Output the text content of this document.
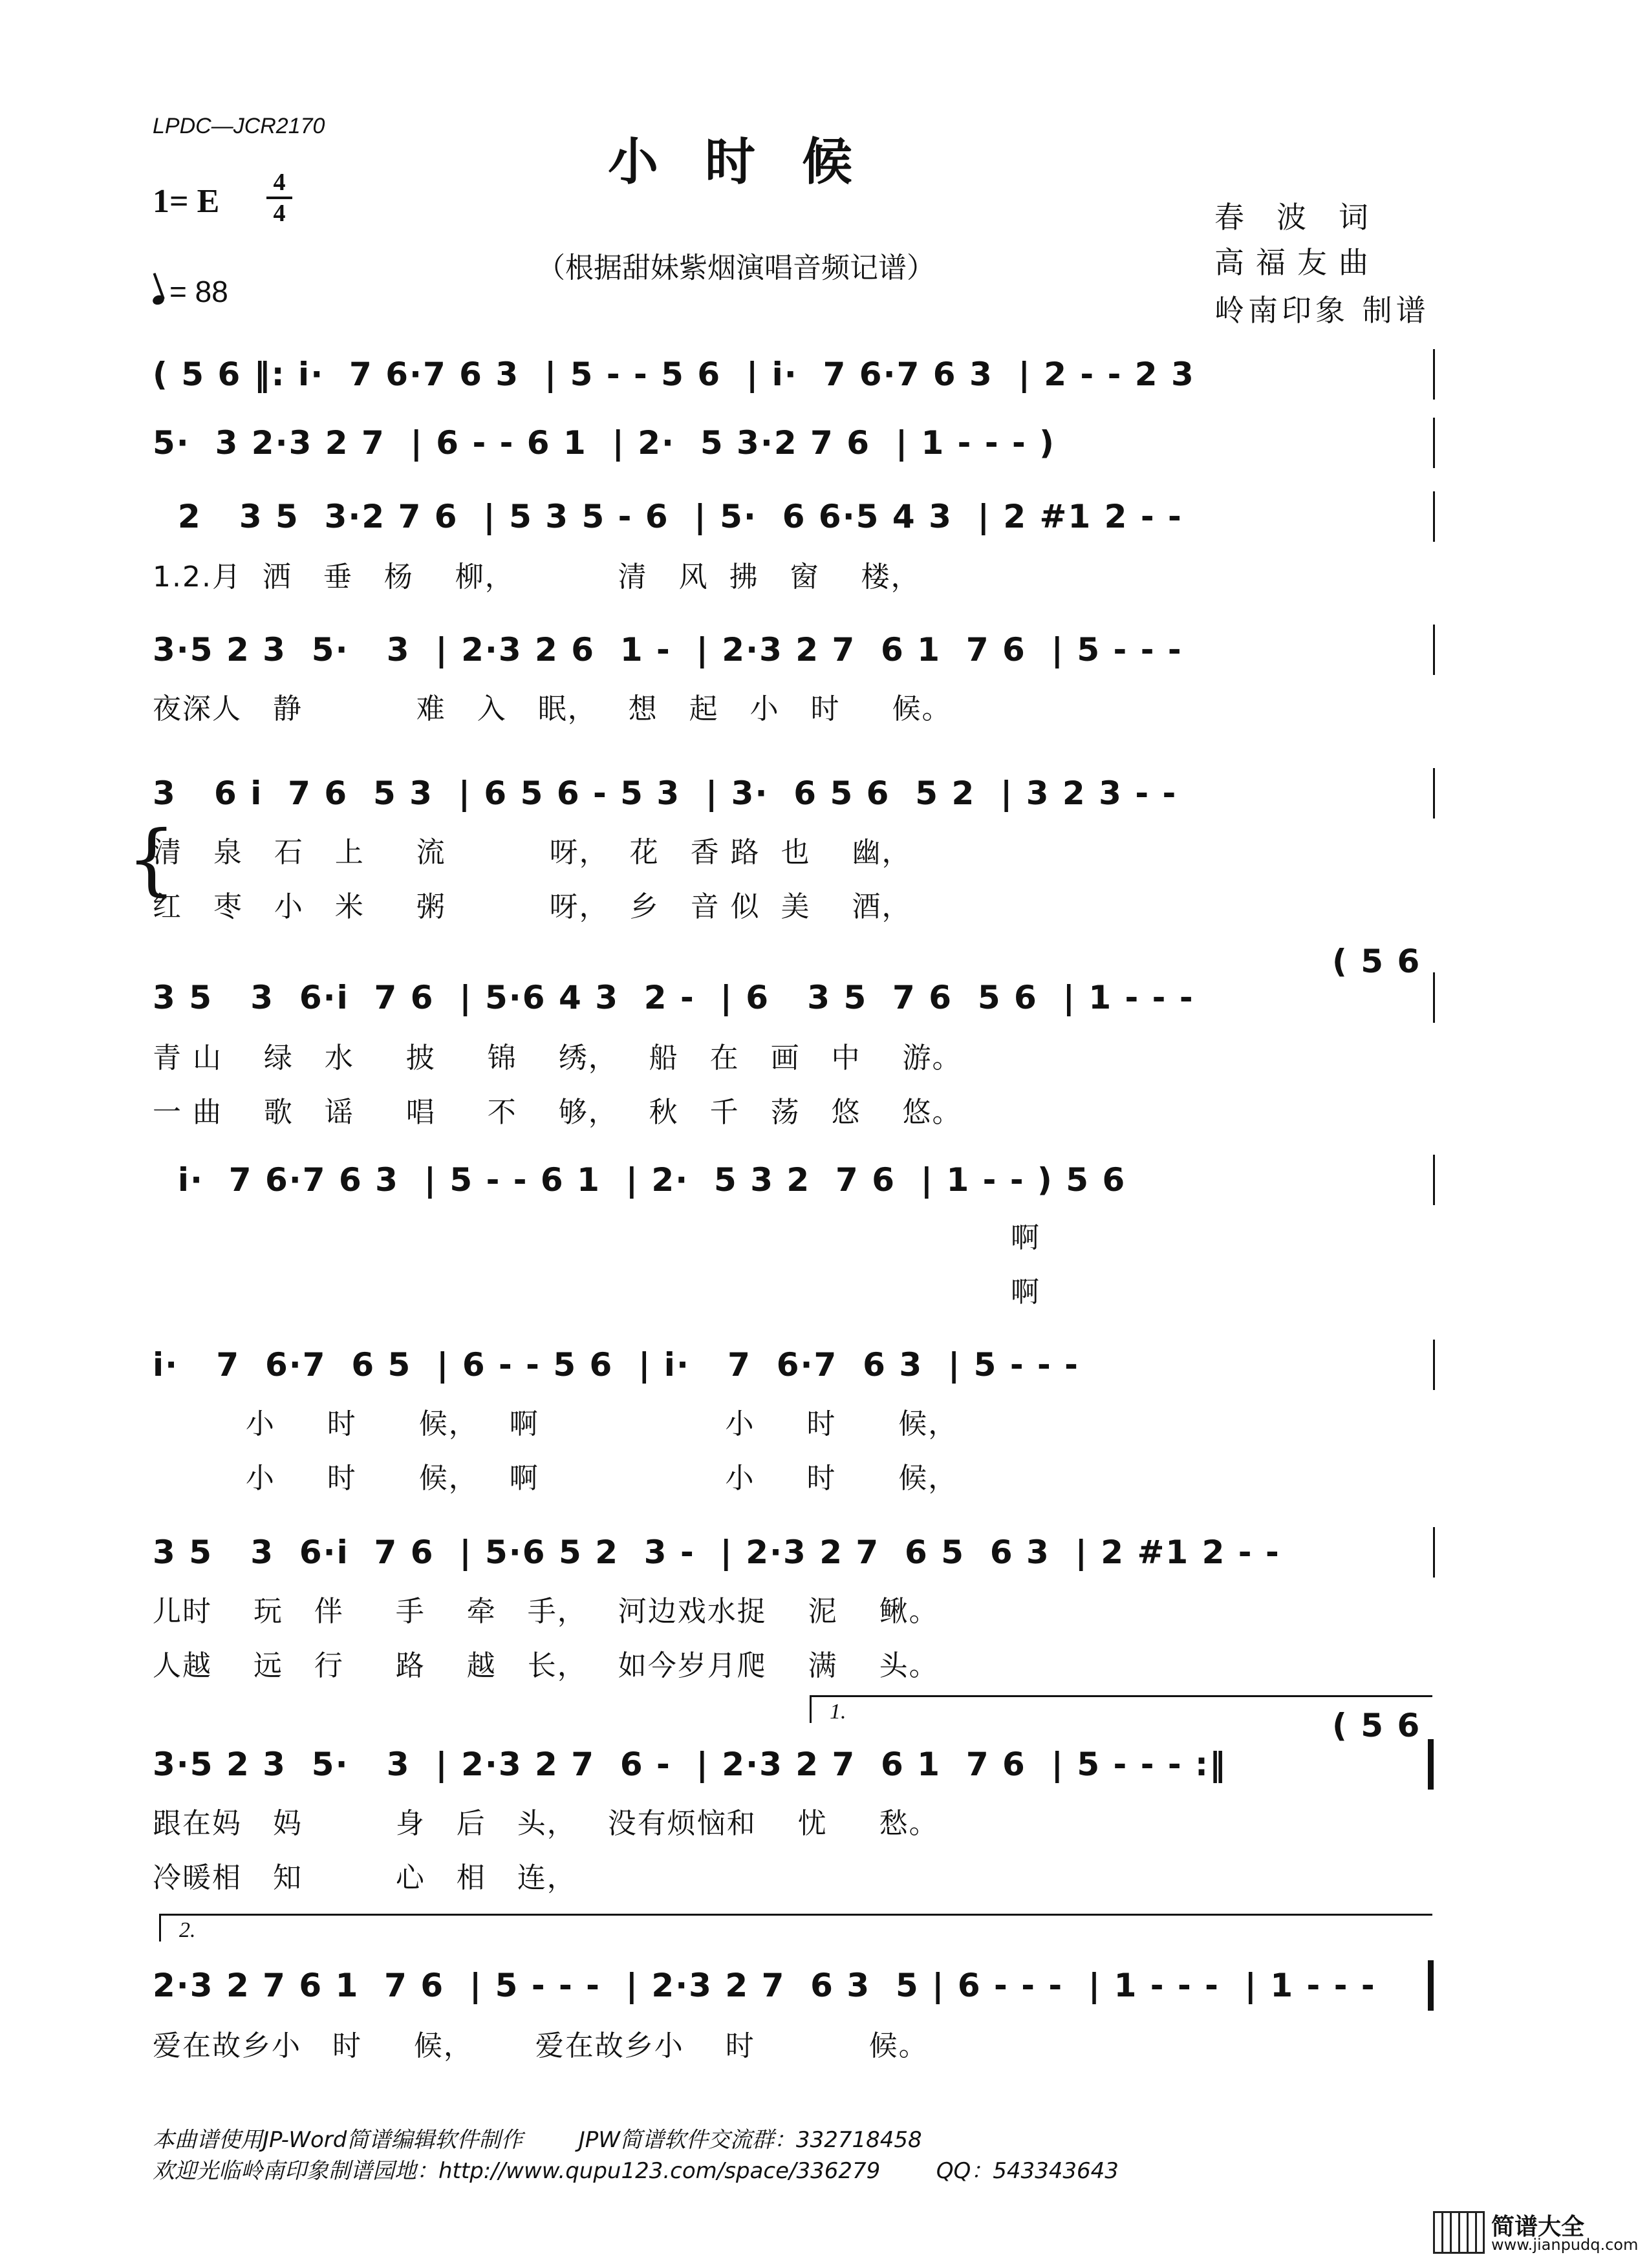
LPDC—JCR2170
小时候
1= E
4
4
（根据甜妹紫烟演唱音频记谱）
= 88
春波词
高福友曲
岭南印象 制谱
( 5 6 ‖: i·  7 6·7 6 3  | 5 - - 5 6  | i·  7 6·7 6 3  | 2 - - 2 3
5·  3 2·3 2 7  | 6 - - 6 1  | 2·  5 3·2 7 6  | 1 - - - )
2   3 5  3·2 7 6  | 5 3 5 - 6  | 5·  6 6·5 4 3  | 2 #1 2 - -
1.2.月  洒   垂   杨    柳，          清   风  拂   窗    楼，
3·5 2 3  5·   3  | 2·3 2 6  1 -  | 2·3 2 7  6 1  7 6  | 5 - - -
夜深人   静           难   入   眠，   想   起   小   时     候。
{
3   6 i  7 6  5 3  | 6 5 6 - 5 3  | 3·  6 5 6  5 2  | 3 2 3 - -
清   泉   石   上     流          呀，  花   香 路  也    幽，
红   枣   小   米     粥          呀，  乡   音 似  美    酒，
( 5 6
3 5   3  6·i  7 6  | 5·6 4 3  2 -  | 6   3 5  7 6  5 6  | 1 - - -
青 山    绿   水     披     锦    绣，   船   在   画   中    游。
一 曲    歌   谣     唱     不    够，   秋   千   荡   悠    悠。
i·  7 6·7 6 3  | 5 - - 6 1  | 2·  5 3 2  7 6  | 1 - - ) 5 6
啊
啊
i·   7  6·7  6 5  | 6 - - 5 6  | i·   7  6·7  6 3  | 5 - - -
小     时      候，   啊                  小     时      候，
小     时      候，   啊                  小     时      候，
3 5   3  6·i  7 6  | 5·6 5 2  3 -  | 2·3 2 7  6 5  6 3  | 2 #1 2 - -
儿时    玩   伴     手    牵   手，   河边戏水捉    泥    鳅。
人越    远   行     路    越   长，   如今岁月爬    满    头。
1.	( 5 6
3·5 2 3  5·   3  | 2·3 2 7  6 -  | 2·3 2 7  6 1  7 6  | 5 - - - :‖
跟在妈   妈         身   后   头，   没有烦恼和    忧     愁。
冷暖相   知         心   相   连，
2.
2·3 2 7 6 1  7 6  | 5 - - -  | 2·3 2 7  6 3  5 | 6 - - -  | 1 - - -  | 1 - - -
爱在故乡小   时     候，      爱在故乡小    时           候。
本曲谱使用JP-Word简谱编辑软件制作        JPW简谱软件交流群：332718458
欢迎光临岭南印象制谱园地：http://www.qupu123.com/space/336279        QQ：543343643
简谱大全
www.jianpudq.com
